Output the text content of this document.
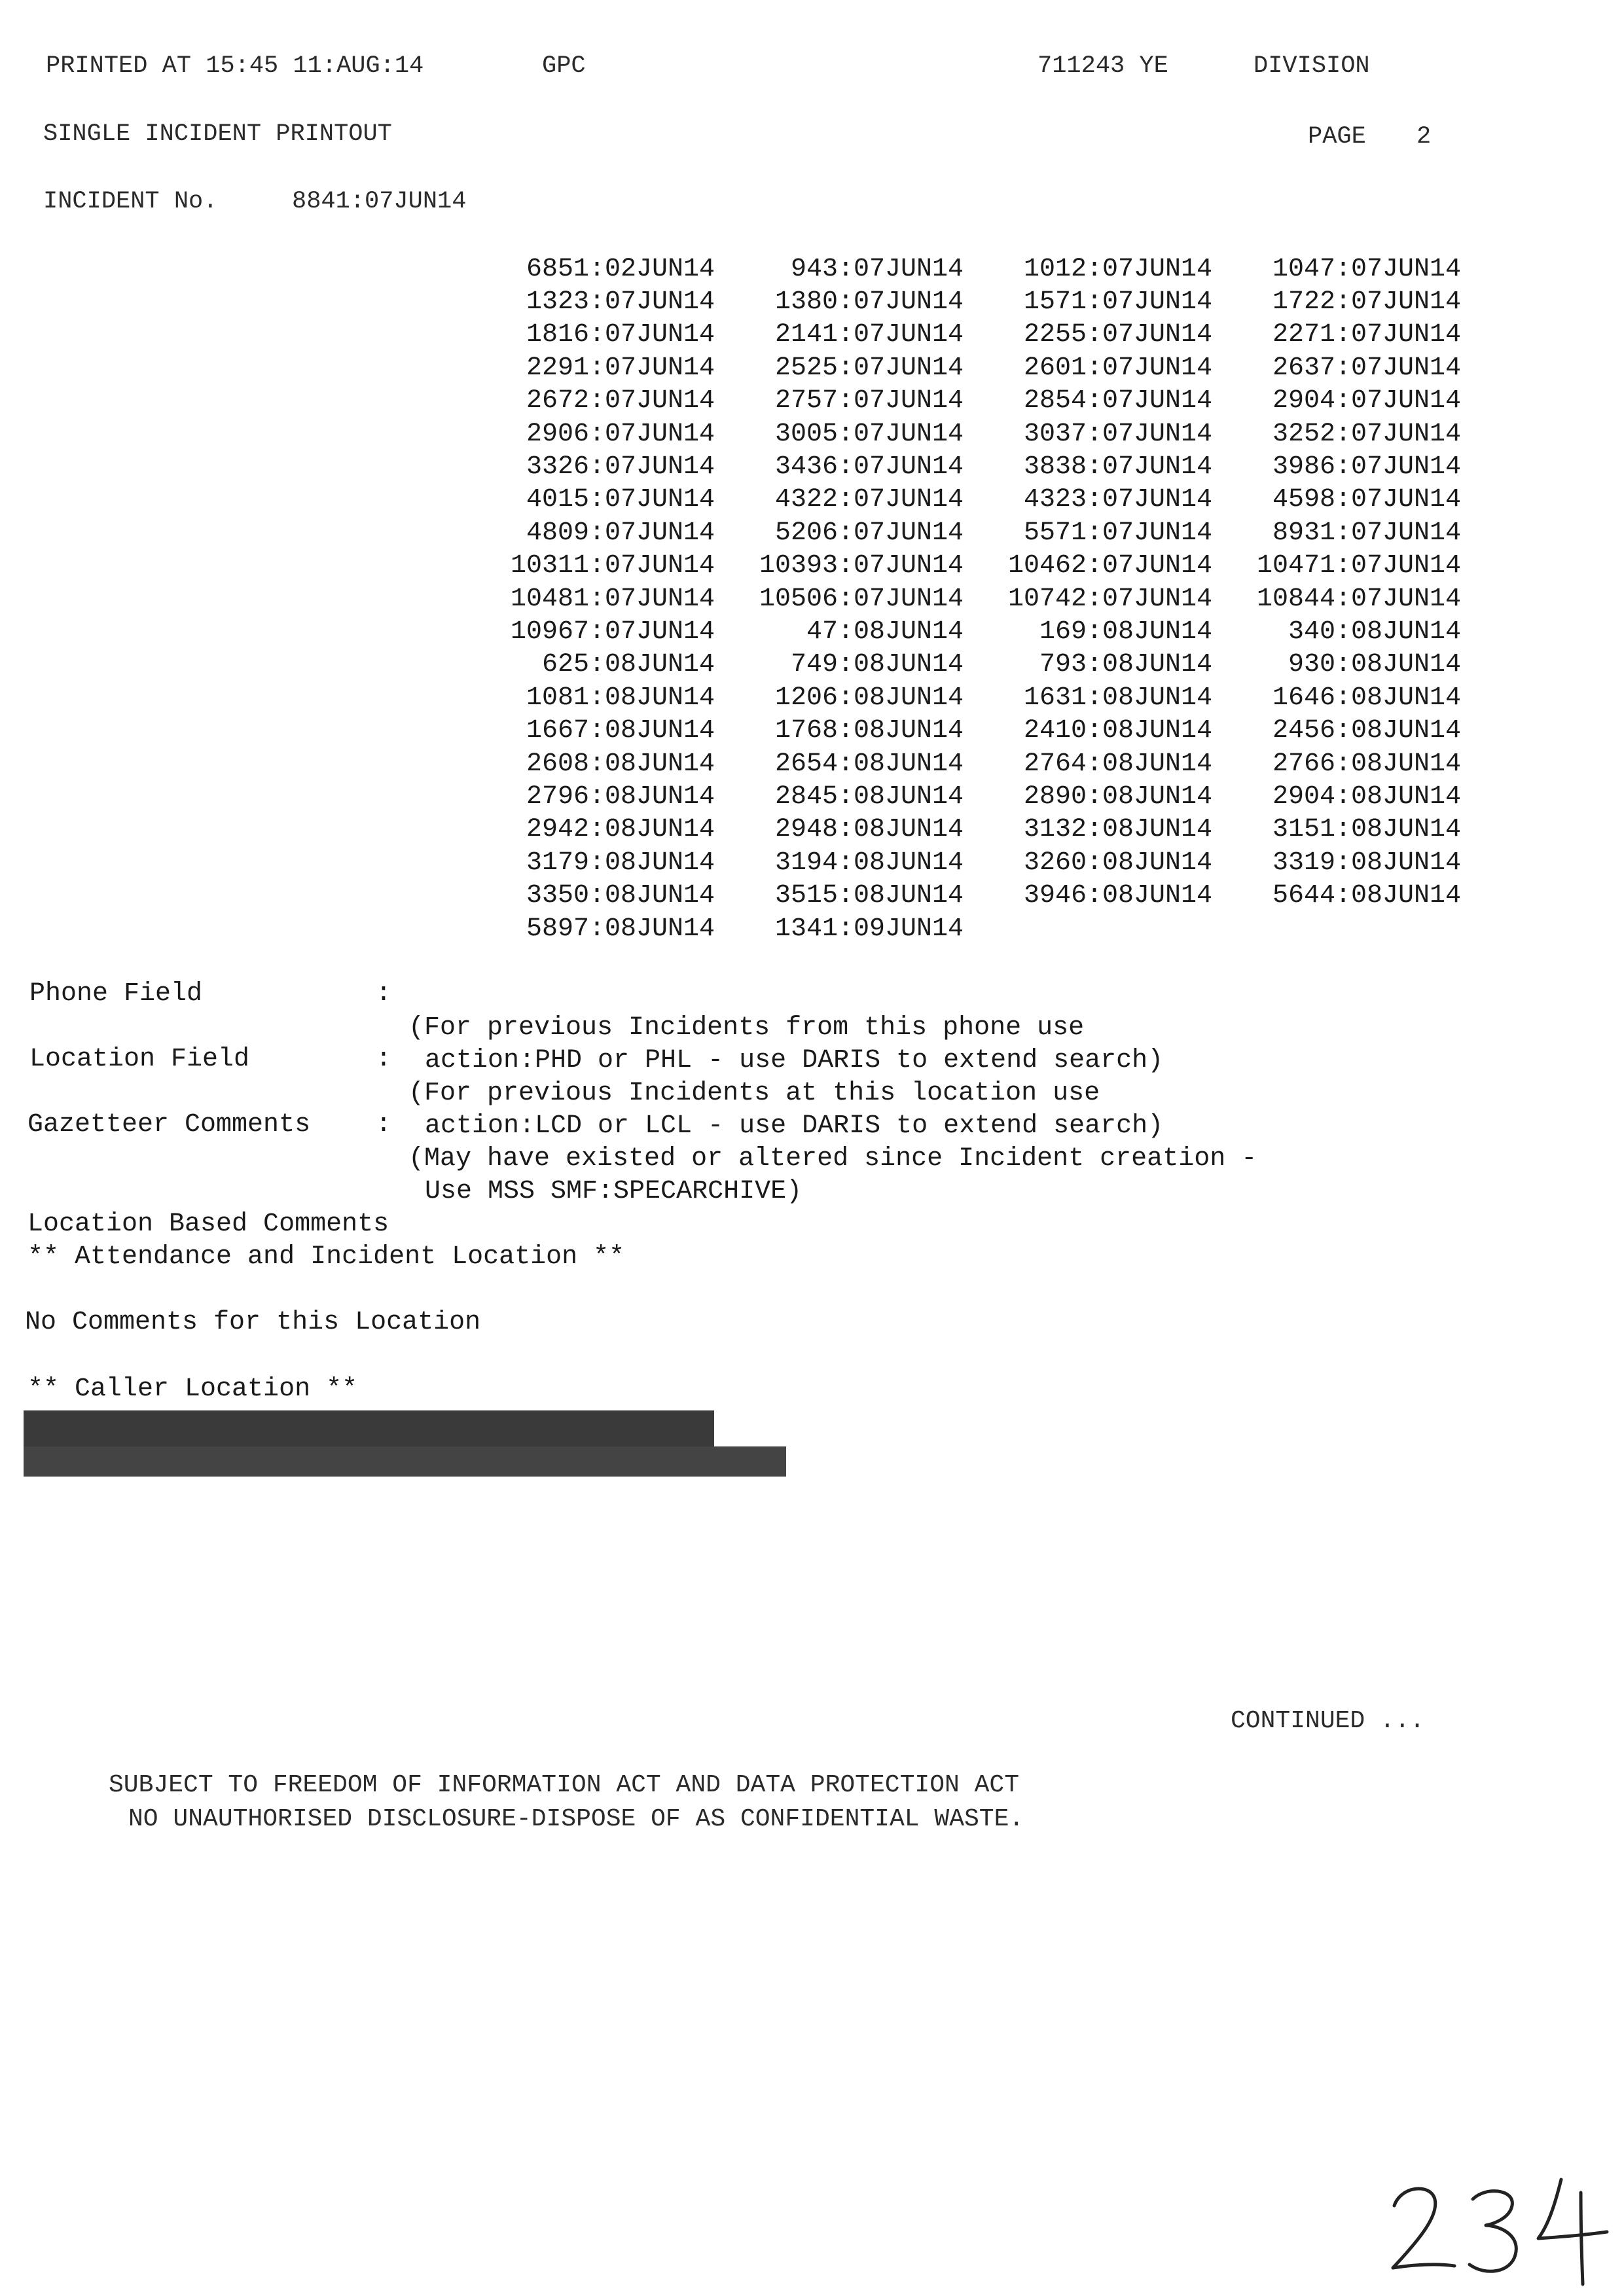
PRINTED AT 15:45 11:AUG:14	GPC	711243 YE	DIVISION
SINGLE INCIDENT PRINTOUT	PAGE 2
INCIDENT No.	8841:07JUN14
6851:02JUN14	943:07JUN14	1012:07JUN14	1047:07JUN14
1323:07JUN14	1380:07JUN14	1571:07JUN14	1722:07JUN14
1816:07JUN14	2141:07JUN14	2255:07JUN14	2271:07JUN14
2291:07JUN14	2525:07JUN14	2601:07JUN14	2637:07JUN14
2672:07JUN14	2757:07JUN14	2854:07JUN14	2904:07JUN14
2906:07JUN14	3005:07JUN14	3037:07JUN14	3252:07JUN14
3326:07JUN14	3436:07JUN14	3838:07JUN14	3986:07JUN14
4015:07JUN14	4322:07JUN14	4323:07JUN14	4598:07JUN14
4809:07JUN14	5206:07JUN14	5571:07JUN14	8931:07JUN14
10311:07JUN14	10393:07JUN14	10462:07JUN14	10471:07JUN14
10481:07JUN14	10506:07JUN14	10742:07JUN14	10844:07JUN14
10967:07JUN14	47:08JUN14	169:08JUN14	340:08JUN14
625:08JUN14	749:08JUN14	793:08JUN14	930:08JUN14
1081:08JUN14	1206:08JUN14	1631:08JUN14	1646:08JUN14
1667:08JUN14	1768:08JUN14	2410:08JUN14	2456:08JUN14
2608:08JUN14	2654:08JUN14	2764:08JUN14	2766:08JUN14
2796:08JUN14	2845:08JUN14	2890:08JUN14	2904:08JUN14
2942:08JUN14	2948:08JUN14	3132:08JUN14	3151:08JUN14
3179:08JUN14	3194:08JUN14	3260:08JUN14	3319:08JUN14
3350:08JUN14	3515:08JUN14	3946:08JUN14	5644:08JUN14
5897:08JUN14	1341:09JUN14
Phone Field	:

(For previous Incidents from this phone use
action:PHD or PHL - use DARIS to extend search)
Location Field	:

(For previous Incidents at this location use
action:LCD or LCL - use DARIS to extend search)
Gazetteer Comments :

(May have existed or altered since Incident creation -
Use MSS SMF:SPECARCHIVE)
Location Based Comments
** Attendance and Incident Location **
No Comments for this Location
** Caller Location **
CONTINUED ...
SUBJECT TO FREEDOM OF INFORMATION ACT AND DATA PROTECTION ACT
NO UNAUTHORISED DISCLOSURE-DISPOSE OF AS CONFIDENTIAL WASTE.
